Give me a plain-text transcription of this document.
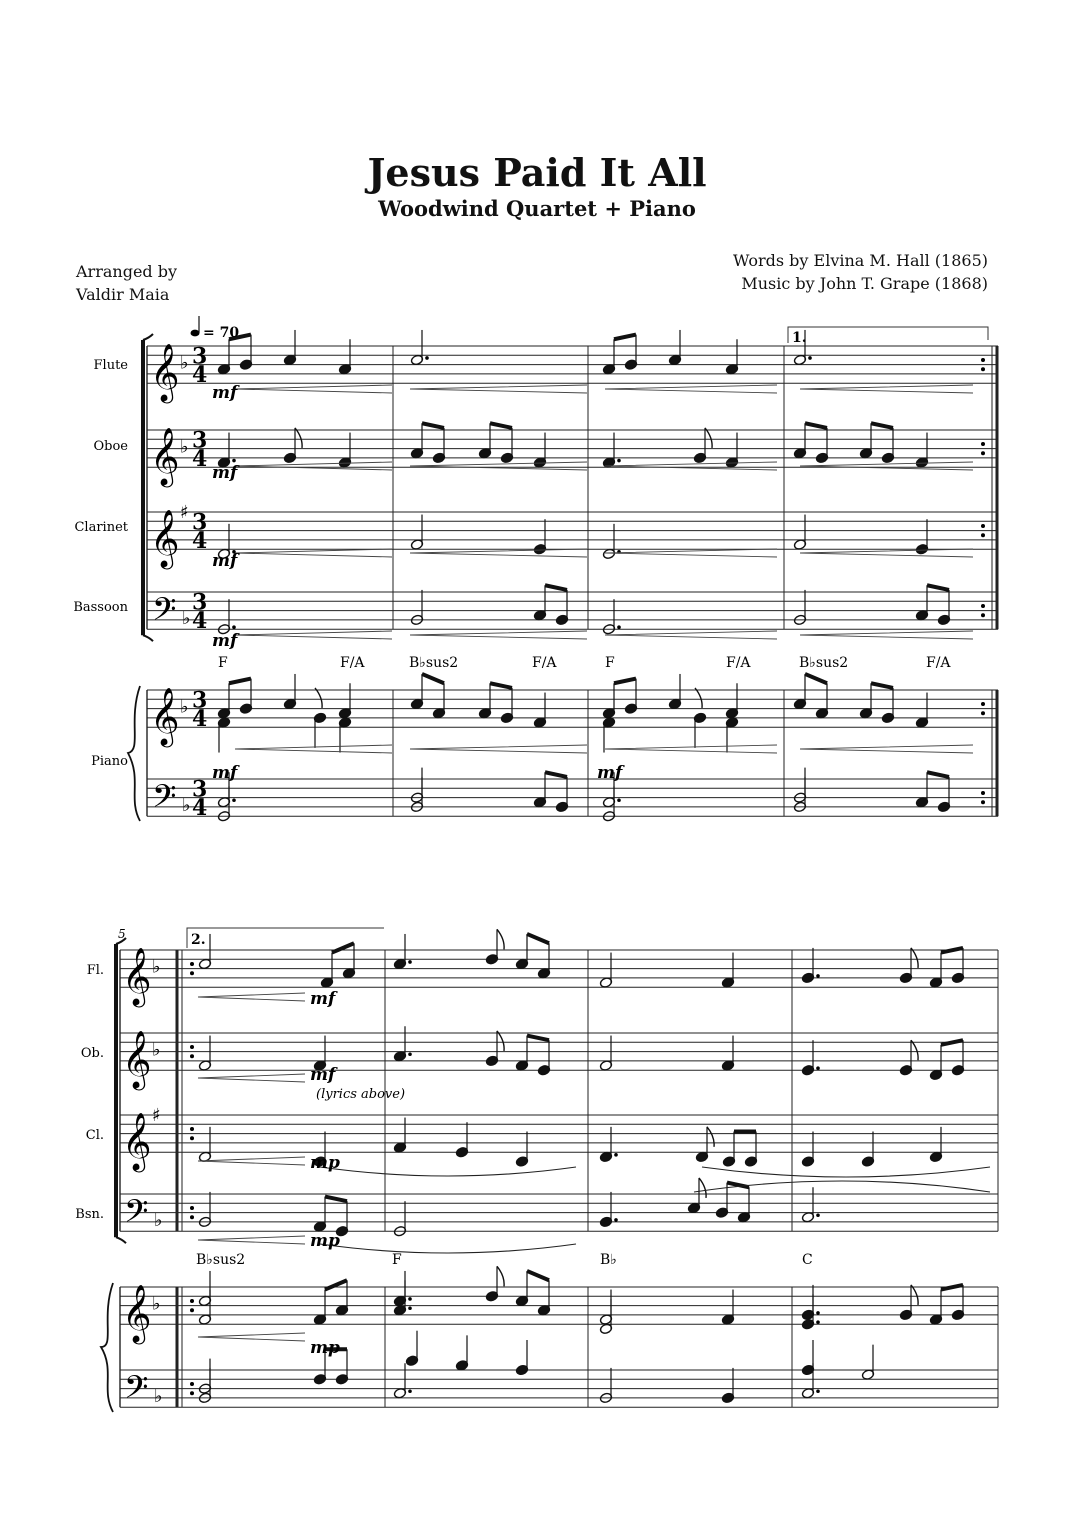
Jesus Paid It All
Woodwind Quartet + Piano
Arranged by
Valdir Maia
Words by Elvina M. Hall (1865)
Music by John T. Grape (1868)
𝄞 ♭ 3
4
𝄞 ♭ 3
4
𝄞 ♯ 3
4
𝄢 ♭
3
4
𝄞 ♭ 3
4
𝄢 ♭
3
4
𝄞 ♭
𝄞 ♭
𝄞 ♯
𝄢 ♭
𝄞 ♭
𝄢 ♭
Flute
Oboe
Clarinet
Bassoon
Piano
= 70	1.
mf
mf
mf
mf
mf	mf
F	F/A	B♭sus2	F/A	F	F/A	B♭sus2	F/A
5
Fl.
Ob.
Cl.
Bsn.
2.
mf
mf
mp
mp
mp
(lyrics above)
B♭sus2	F	B♭	C
